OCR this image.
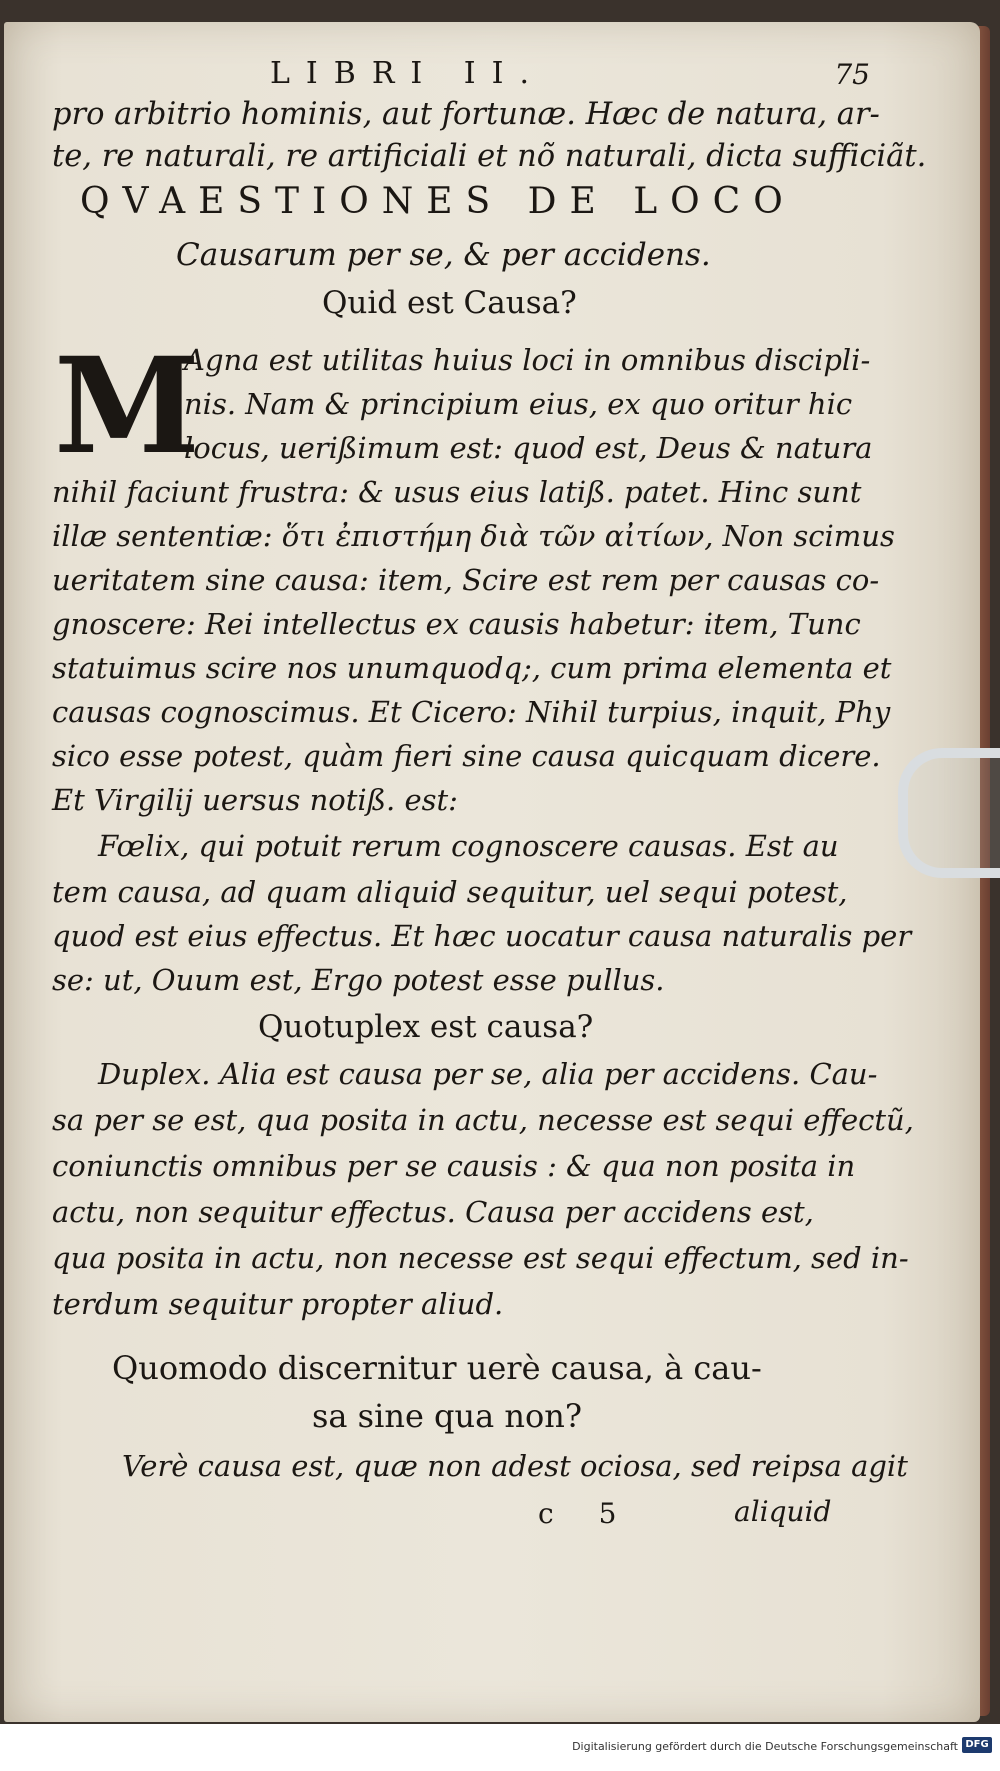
LIBRI II.	75
pro arbitrio hominis, aut fortunæ. Hæc de natura, ar-
te, re naturali, re artificiali et nõ naturali, dicta sufficiãt.
QVAESTIONES DE LOCO
Causarum per se, & per accidens.
Quid est Causa?
M
Agna est utilitas huius loci in omnibus discipli-
nis. Nam & principium eius, ex quo oritur hic
locus, uerißimum est: quod est, Deus & natura
nihil faciunt frustra: & usus eius latiß. patet. Hinc sunt
illæ sententiæ: ὅτι ἐπιστήμη διὰ τῶν αἰτίων, Non scimus
ueritatem sine causa: item, Scire est rem per causas co-
gnoscere: Rei intellectus ex causis habetur: item, Tunc
statuimus scire nos unumquodq;, cum prima elementa et
causas cognoscimus. Et Cicero: Nihil turpius, inquit, Phy
sico esse potest, quàm fieri sine causa quicquam dicere.
Et Virgilij uersus notiß. est:
Fœlix, qui potuit rerum cognoscere causas. Est au
tem causa, ad quam aliquid sequitur, uel sequi potest,
quod est eius effectus. Et hæc uocatur causa naturalis per
se: ut, Ouum est, Ergo potest esse pullus.
Quotuplex est causa?
Duplex. Alia est causa per se, alia per accidens. Cau-
sa per se est, qua posita in actu, necesse est sequi effectũ,
coniunctis omnibus per se causis : & qua non posita in
actu, non sequitur effectus. Causa per accidens est,
qua posita in actu, non necesse est sequi effectum, sed in-
terdum sequitur propter aliud.
Quomodo discernitur uerè causa, à cau-
sa sine qua non?
Verè causa est, quæ non adest ociosa, sed reipsa agit
c 5	aliquid
Digitalisierung gefördert durch die Deutsche Forschungsgemeinschaft DFG
